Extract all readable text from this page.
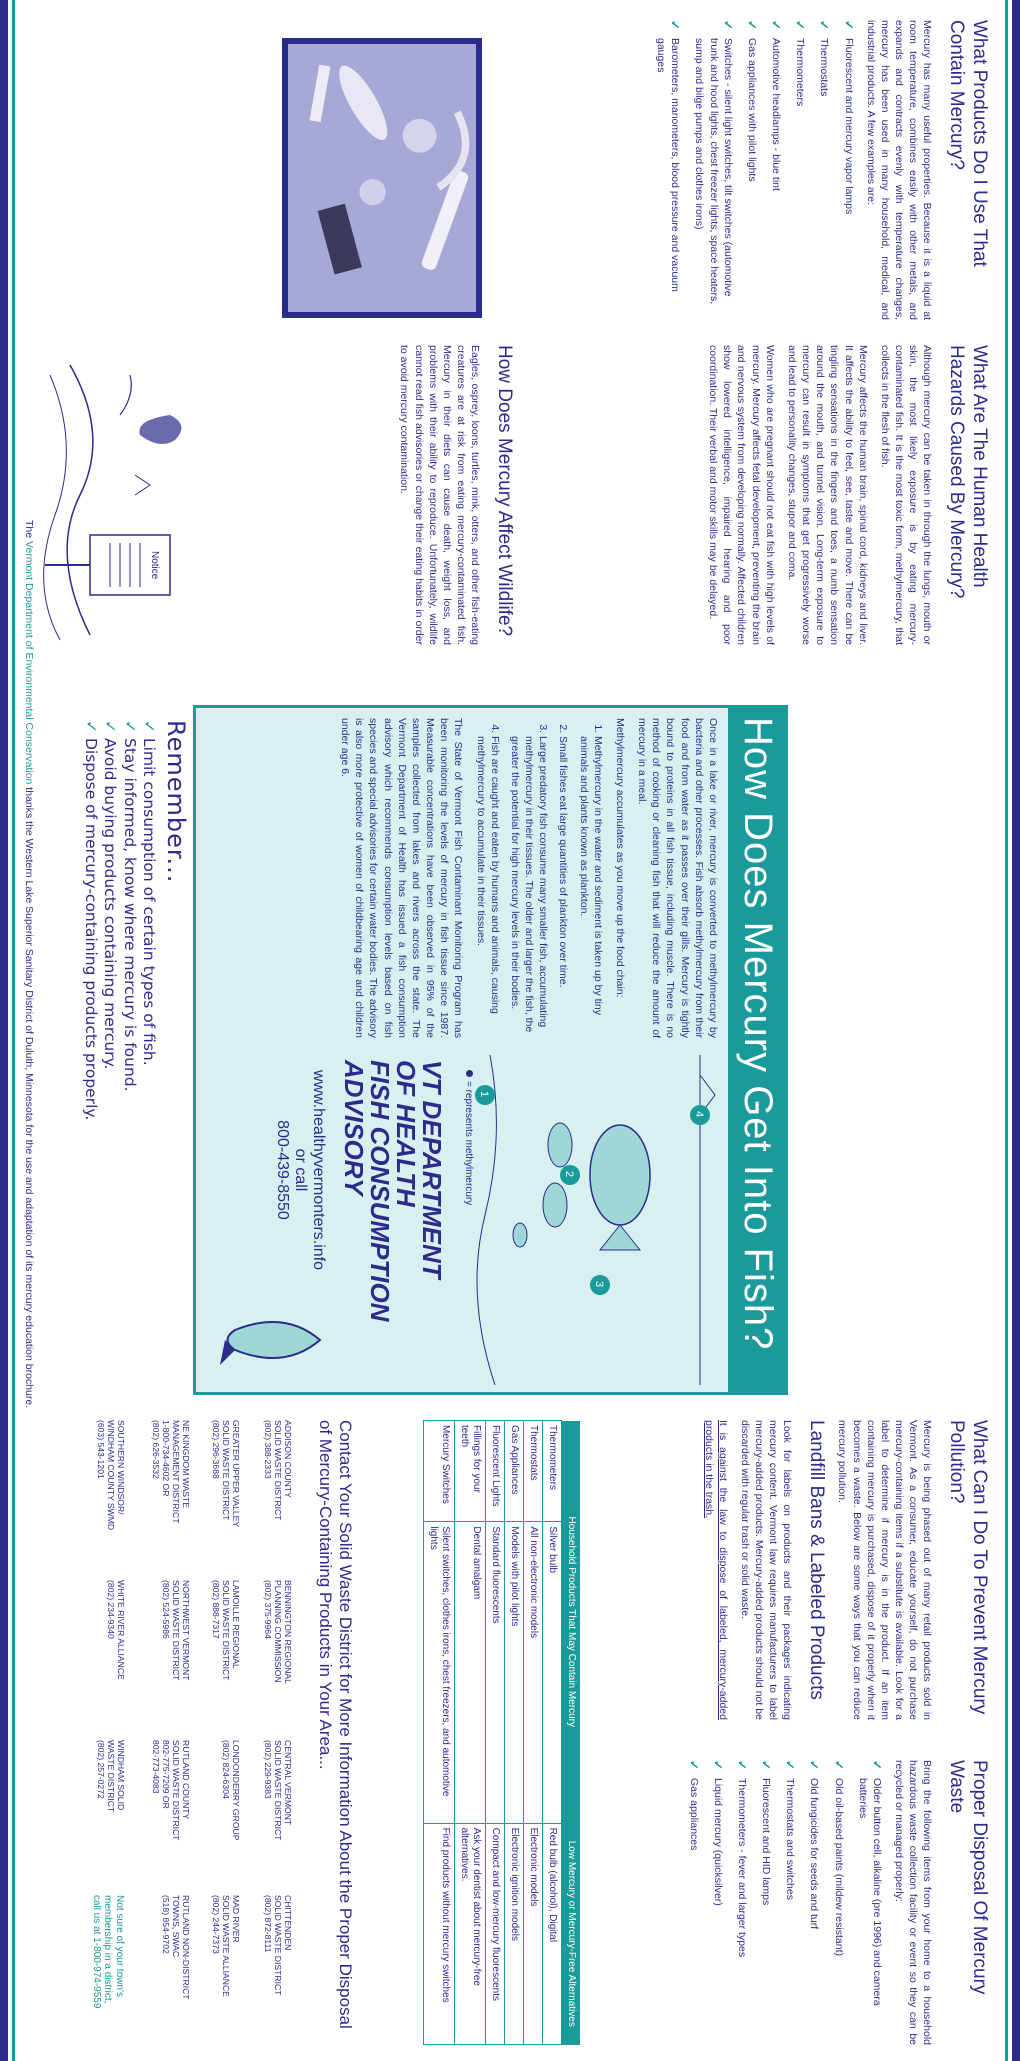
What Products Do I Use That Contain Mercury?

Mercury has many useful properties. Because it is a liquid at room temperature, combines easily with other metals, and expands and contracts evenly with temperature changes, mercury has been used in many household, medical, and industrial products. A few examples are:

✓ Fluorescent and mercury vapor lamps
✓ Thermostats
✓ Thermometers
✓ Automotive headlamps - blue tint
✓ Gas appliances with pilot lights
✓ Switches - silent light switches, tilt switches (automotive trunk and hood lights, chest freezer lights, space heaters, sump and bilge pumps and clothes irons)
✓ Barometers, manometers, blood pressure and vacuum gauges
What Are The Human Health Hazards Caused By Mercury?

Although mercury can be taken in through the lungs, mouth or skin, the most likely exposure is by eating mercury-contaminated fish. It is the most toxic form, methylmercury, that collects in the flesh of fish.

Mercury affects the human brain, spinal cord, kidneys and liver. It affects the ability to feel, see, taste and move. There can be tingling sensations in the fingers and toes, a numb sensation around the mouth, and tunnel vision. Long-term exposure to mercury can result in symptoms that get progressively worse and lead to personality changes, stupor and coma.

Women who are pregnant should not eat fish with high levels of mercury. Mercury affects fetal development, preventing the brain and nervous system from developing normally. Affected children show lowered intelligence, impaired hearing and poor coordination. Their verbal and motor skills may be delayed.

How Does Mercury Affect Wildlife?

Eagles, osprey, loons, turtles, mink, otters, and other fish-eating creatures are at risk from eating mercury-contaminated fish. Mercury in their diets can cause death, weight loss, and problems with their ability to reproduce. Unfortunately, wildlife cannot read fish advisories or change their eating habits in order to avoid mercury contamination.

Notice
How Does Mercury Get Into Fish?

Once in a lake or river, mercury is converted to methylmercury by bacteria and other processes. Fish absorb methylmercury from their food and from water as it passes over their gills. Mercury is tightly bound to proteins in all fish tissue, including muscle. There is no method of cooking or cleaning fish that will reduce the amount of mercury in a meal.

Methylmercury accumulates as you move up the food chain:

1. Methylmercury in the water and sediment is taken up by tiny animals and plants known as plankton.
2. Small fishes eat large quantities of plankton over time.
3. Large predatory fish consume many smaller fish, accumulating methylmercury in their tissues. The older and larger the fish, the greater the potential for high mercury levels in their bodies.
4. Fish are caught and eaten by humans and animals, causing methylmercury to accumulate in their tissues.

The State of Vermont Fish Contaminant Monitoring Program has been monitoring the levels of mercury in fish tissue since 1987. Measurable concentrations have been observed in 95% of the samples collected from lakes and rivers across the state. The Vermont Department of Health has issued a fish consumption advisory which recommends consumption levels based on fish species and special advisories for certain water bodies. The advisory is also more protective of women of childbearing age and children under age 6.

1
2
3
4
= represents methylmercury

VT DEPARTMENT

OF HEALTH

FISH CONSUMPTION

ADVISORY

www.healthyvermonters.info
or call
800-439-8550
Remember...
✓ Limit consumption of certain types of fish.
✓ Stay informed, know where mercury is found.
✓ Avoid buying products containing mercury.
✓ Dispose of mercury-containing products properly.
The Vermont Department of Environmental Conservation thanks the Western Lake Superior Sanitary District of Duluth, Minnesota for the use and adaptation of its mercury education brochure.
What Can I Do To Prevent Mercury Pollution?

Mercury is being phased out of many retail products sold in Vermont. As a consumer, educate yourself, do not purchase mercury-containing items if a substitute is available. Look for a label to determine if mercury is in the product. If an item containing mercury is purchased, dispose of it properly when it becomes a waste. Below are some ways that you can reduce mercury pollution.

Landfill Bans & Labeled Products

Look for labels on products and their packages indicating mercury content. Vermont law requires manufacturers to label mercury-added products. Mercury-added products should not be discarded with regular trash or solid waste.

It is against the law to dispose of labeled, mercury-added products in the trash.

Proper Disposal Of Mercury Waste

Bring the following items from your home to a household hazardous waste collection facility or event so they can be recycled or managed properly:

✓ Older button cell, alkaline (pre 1996) and camera batteries
✓ Old oil-based paints (mildew resistant)
✓ Old fungicides for seeds and turf
✓ Thermostats and switches
✓ Fluorescent and HID lamps
✓ Thermometers - fever and larger types
✓ Liquid mercury (quicksilver)
✓ Gas appliances
Household Products That May Contain Mercury		Low Mercury or Mercury-Free Alternatives
Thermometers	Silver bulb	Red bulb (alcohol), Digital
Thermostats	All non-electronic models	Electronic models
Gas Appliances	Models with pilot lights	Electronic ignition models
Fluorescent Lights	Standard fluorescents	Compact and low-mercury fluorescents
Fillings for your teeth	Dental amalgam	Ask your dentist about mercury-free alternatives.
Mercury Switches	Silent switches, clothes irons, chest freezers, and automotive lights	Find products without mercury switches
Contact Your Solid Waste District for More Information About the Proper Disposal of Mercury-Containing Products in Your Area...
ADDISON COUNTY
SOLID WASTE DISTRICT
(802) 388-2333
BENNINGTON REGIONAL
PLANNING COMMISSION
(802) 375-9964
CENTRAL VERMONT
SOLID WASTE DISTRICT
(802) 229-9383
CHITTENDEN
SOLID WASTE DISTRICT
(802) 872-8111
GREATER UPPER VALLEY
SOLID WASTE DISTRICT
(802) 296-3688
LAMOILLE REGIONAL
SOLID WASTE DISTRICT
(802) 888-7317
LONDONDERRY GROUP
(802) 824-6304
MAD RIVER
SOLID WASTE ALLIANCE
(802) 244-7373
NE KINGDOM WASTE
MANAGEMENT DISTRICT
1-800-734-4602 OR
(802) 626-3532
NORTHWEST VERMONT
SOLID WASTE DISTRICT
(802) 524-5986
RUTLAND COUNTY
SOLID WASTE DISTRICT
802-775-7209 OR
802-773-4083
RUTLAND NON-DISTRICT
TOWNS, SWAC
(518) 854-9702
SOUTHERN WINDSOR/
WINDHAM COUNTY SWMD
(603) 543-1201
WHITE RIVER ALLIANCE
(802) 234-9340
WINDHAM SOLID
WASTE DISTRICT
(802) 257-0272
Not sure of your town's
membership in a district,
call us at 1-800-974-9559
